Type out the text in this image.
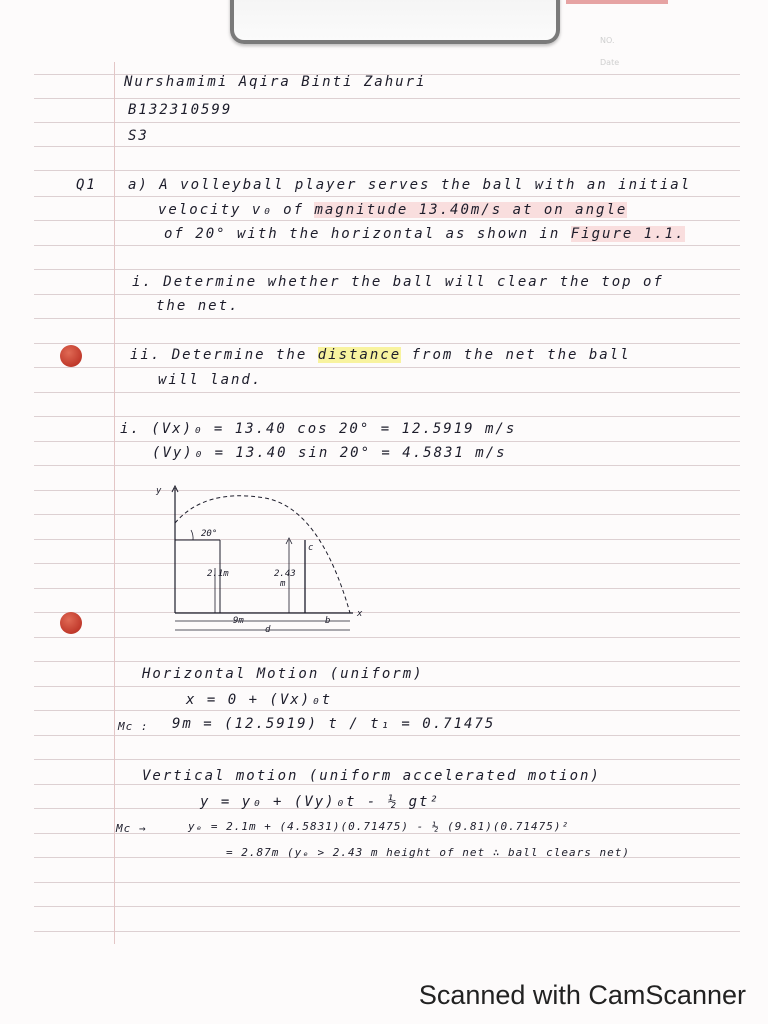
NO.
Date
Nurshamimi Aqira Binti Zahuri
B132310599
S3
Q1 a) A volleyball player serves the ball with an initial
velocity v₀ of magnitude 13.40m/s at on angle
of 20° with the horizontal as shown in Figure 1.1.
i. Determine whether the ball will clear the top of
the net.
ii. Determine the distance from the net the ball
will land.
i. (Vx)₀ = 13.40 cos 20° = 12.5919 m/s
(Vy)₀ = 13.40 sin 20° = 4.5831 m/s
y
x
2.1m
20°
2.43
m
c
9m	b
d
Horizontal Motion (uniform)
x = 0 + (Vx)₀t
Mc : 9m = (12.5919) t / t₁ = 0.71475
Vertical motion (uniform accelerated motion)
y = y₀ + (Vy)₀t - ½ gt²
Mc →	yₑ = 2.1m + (4.5831)(0.71475) - ½ (9.81)(0.71475)²
= 2.87m (yₑ > 2.43 m height of net ∴ ball clears net)
Scanned with CamScanner
